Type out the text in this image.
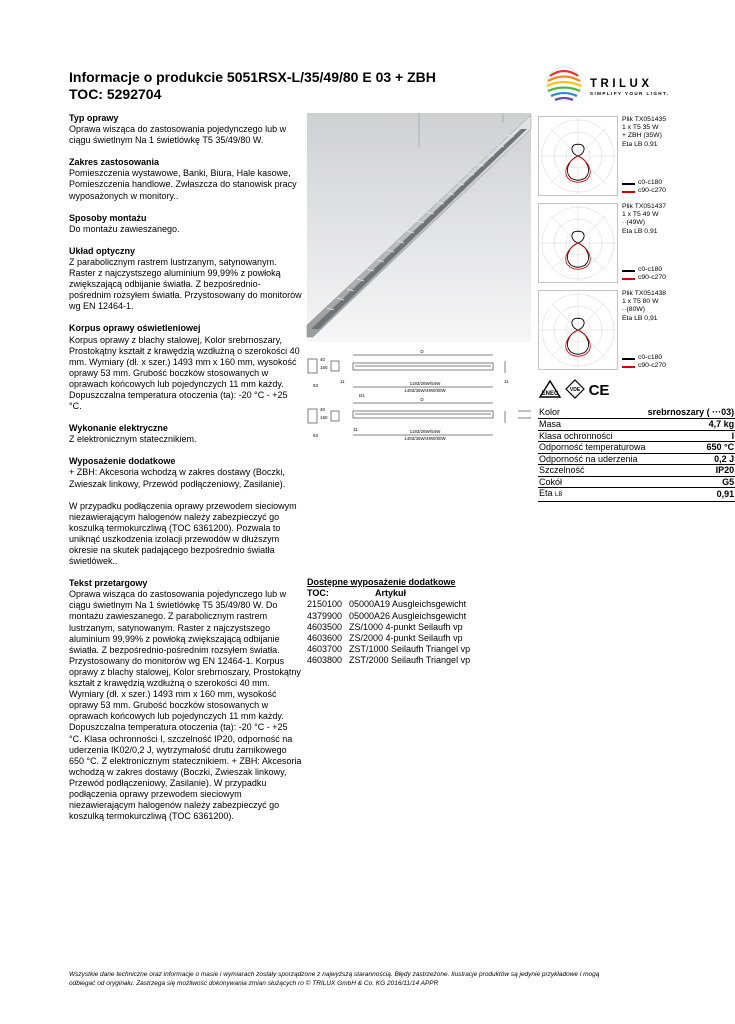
Informacje o produkcie 5051RSX-L/35/49/80 E 03 + ZBH
TOC: 5292704
TRILUX
SIMPLIFY YOUR LIGHT.
Typ oprawy
Oprawa wisząca do zastosowania pojedynczego lub w ciągu świetlnym Na 1 świetlówkę T5 35/49/80 W.
Zakres zastosowania
Pomieszczenia wystawowe, Banki, Biura, Hale kasowe, Pomieszczenia handlowe. Zwłaszcza do stanowisk pracy wyposażonych w monitory..
Sposoby montażu
Do montażu zawieszanego.
Układ optyczny
Z parabolicznym rastrem lustrzanym, satynowanym. Raster z najczystszego aluminium 99,99% z powłoką zwiększającą odbijanie światła. Z bezpośrednio-pośrednim rozsyłem światła. Przystosowany do monitorów wg EN 12464-1.
Korpus oprawy oświetleniowej
Korpus oprawy z blachy stalowej, Kolor srebrnoszary, Prostokątny kształt z krawędzią wzdłużną o szerokości 40 mm. Wymiary (dł. x szer.) 1493 mm x 160 mm, wysokość oprawy 53 mm. Grubość boczków stosowanych w oprawach końcowych lub pojedynczych 11 mm każdy. Dopuszczalna temperatura otoczenia (ta): -20 °C - +25 °C.
Wykonanie elektryczne
Z elektronicznym statecznikiem.
Wyposażenie dodatkowe
+ ZBH: Akcesoria wchodzą w zakres dostawy (Boczki, Zwieszak linkowy, Przewód podłączeniowy, Zasilanie).
W przypadku podłączenia oprawy przewodem sieciowym niezawierającym halogenów należy zabezpieczyć go koszulką termokurczliwą (TOC 6361200). Pozwala to uniknąć uszkodzenia izolacji przewodów w dłuższym okresie na skutek padającego bezpośrednio światła świetlówek..
Tekst przetargowy
Oprawa wisząca do zastosowania pojedynczego lub w ciągu świetlnym Na 1 świetlówkę T5 35/49/80 W. Do montażu zawieszanego. Z parabolicznym rastrem lustrzanym, satynowanym. Raster z najczystszego aluminium 99,99% z powłoką zwiększającą odbijanie światła. Z bezpośrednio-pośrednim rozsyłem światła. Przystosowany do monitorów wg EN 12464-1. Korpus oprawy z blachy stalowej, Kolor srebrnoszary, Prostokątny kształt z krawędzią wzdłużną o szerokości 40 mm. Wymiary (dł. x szer.) 1493 mm x 160 mm, wysokość oprawy 53 mm. Grubość boczków stosowanych w oprawach końcowych lub pojedynczych 11 mm każdy. Dopuszczalna temperatura otoczenia (ta): -20 °C - +25 °C. Klasa ochronności I, szczelność IP20, odporność na uderzenia IK02/0,2 J, wytrzymałość drutu żarnikowego 650 °C. Z elektronicznym statecznikiem. + ZBH: Akcesoria wchodzą w zakres dostawy (Boczki, Zwieszak linkowy, Przewód podłączeniowy, Zasilanie). W przypadku podłączenia oprawy przewodem sieciowym niezawierającym halogenów należy zabezpieczyć go koszulką termokurczliwą (TOC 6361200).
D
D1
D
11	11
11
53
53
160
160
40
40
1193/28W/54W
1493/35W/49W/80W
1193/28W/54W
1493/35W/49W/80W
Plik TX051435
1 x T5 35 W
+ ZBH (35W)
Eta LB 0,91
c0-c180
c90-c270
Plik TX051437
1 x T5 49 W
··(49W)
Eta LB 0,91
c0-c180
c90-c270
Plik TX051438
1 x T5 80 W
··(80W)
Eta LB 0,91
c0-c180
c90-c270
ENEC
VDE CE
Kolor	srebrnoszary ( ···03)
Masa	4,7 kg
Klasa ochronności	I
Odporność temperaturowa	650 °C
Odporność na uderzenia	0,2 J
Szczelność	IP20
Cokół	G5
Eta LB	0,91
Dostępne wyposażenie dodatkowe
TOC:	Artykuł
2150100 05000A19 Ausgleichsgewicht
4379900 05000A26 Ausgleichsgewicht
4603500 ZS/1000 4-punkt Seilaufh vp
4603600 ZS/2000 4-punkt Seilaufh vp
4603700 ZST/1000 Seilaufh Triangel vp
4603800 ZST/2000 Seilaufh Triangel vp
Wszystkie dane techniczne oraz informacje o masie i wymiarach zostały sporządzone z najwyższą starannością. Błędy zastrzeżone. Ilustracje produktów są jedynie przykładowe i mogą
odbiegać od oryginału. Zastrzega się możliwość dokonywania zmian służących ro © TRILUX GmbH & Co. KG 2016/11/14 APPR
